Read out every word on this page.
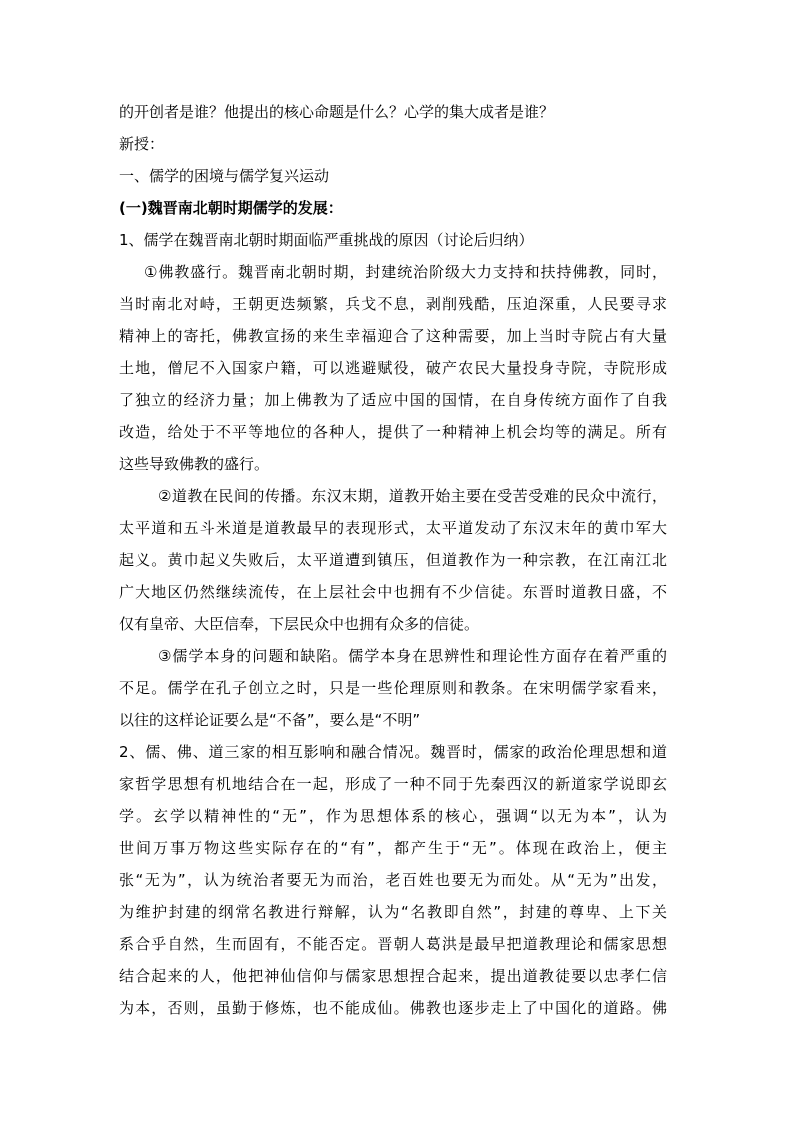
的开创者是谁？他提出的核心命题是什么？心学的集大成者是谁？
新授：
一、儒学的困境与儒学复兴运动
(一)魏晋南北朝时期儒学的发展：
1、儒学在魏晋南北朝时期面临严重挑战的原因（讨论后归纳）
①佛教盛行。魏晋南北朝时期，封建统治阶级大力支持和扶持佛教，同时，
当时南北对峙，王朝更迭频繁，兵戈不息，剥削残酷，压迫深重，人民要寻求
精神上的寄托，佛教宣扬的来生幸福迎合了这种需要，加上当时寺院占有大量
土地，僧尼不入国家户籍，可以逃避赋役，破产农民大量投身寺院，寺院形成
了独立的经济力量；加上佛教为了适应中国的国情，在自身传统方面作了自我
改造，给处于不平等地位的各种人，提供了一种精神上机会均等的满足。所有
这些导致佛教的盛行。
②道教在民间的传播。东汉末期，道教开始主要在受苦受难的民众中流行，
太平道和五斗米道是道教最早的表现形式，太平道发动了东汉末年的黄巾军大
起义。黄巾起义失败后，太平道遭到镇压，但道教作为一种宗教，在江南江北
广大地区仍然继续流传，在上层社会中也拥有不少信徒。东晋时道教日盛，不
仅有皇帝、大臣信奉，下层民众中也拥有众多的信徒。
③儒学本身的问题和缺陷。儒学本身在思辨性和理论性方面存在着严重的
不足。儒学在孔子创立之时，只是一些伦理原则和教条。在宋明儒学家看来，
以往的这样论证要么是“不备”，要么是“不明”
2、儒、佛、道三家的相互影响和融合情况。魏晋时，儒家的政治伦理思想和道
家哲学思想有机地结合在一起，形成了一种不同于先秦西汉的新道家学说即玄
学。玄学以精神性的“无”，作为思想体系的核心，强调“以无为本”，认为
世间万事万物这些实际存在的“有”，都产生于“无”。体现在政治上，便主
张“无为”，认为统治者要无为而治，老百姓也要无为而处。从“无为”出发，
为维护封建的纲常名教进行辩解，认为“名教即自然”，封建的尊卑、上下关
系合乎自然，生而固有，不能否定。晋朝人葛洪是最早把道教理论和儒家思想
结合起来的人，他把神仙信仰与儒家思想捏合起来，提出道教徒要以忠孝仁信
为本，否则，虽勤于修炼，也不能成仙。佛教也逐步走上了中国化的道路。佛
